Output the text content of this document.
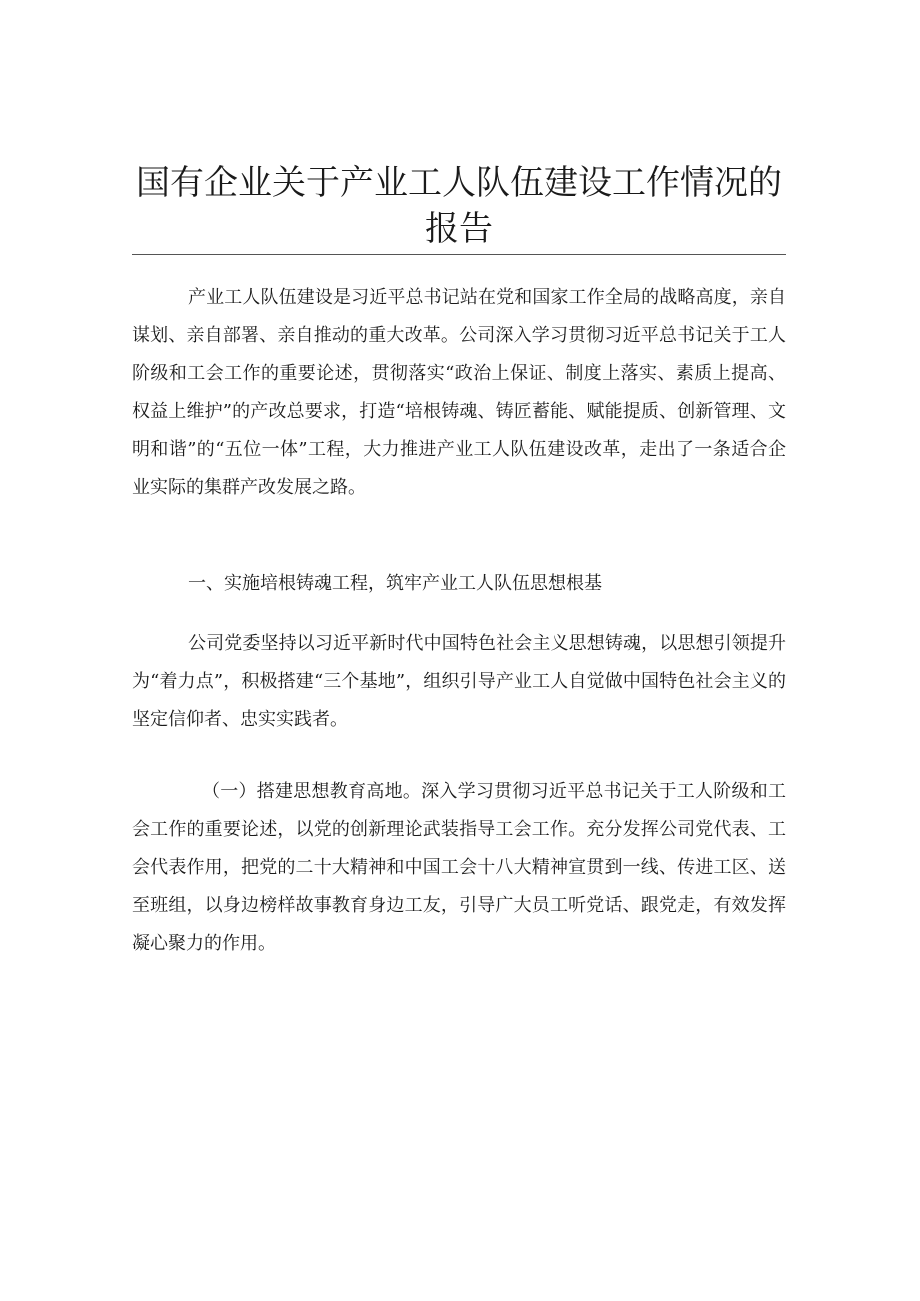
国有企业关于产业工人队伍建设工作情况的报告

产业工人队伍建设是习近平总书记站在党和国家工作全局的战略高度，亲自谋划、亲自部署、亲自推动的重大改革。公司深入学习贯彻习近平总书记关于工人阶级和工会工作的重要论述，贯彻落实“政治上保证、制度上落实、素质上提高、权益上维护”的产改总要求，打造“培根铸魂、铸匠蓄能、赋能提质、创新管理、文明和谐”的“五位一体”工程，大力推进产业工人队伍建设改革，走出了一条适合企业实际的集群产改发展之路。

一、实施培根铸魂工程，筑牢产业工人队伍思想根基

公司党委坚持以习近平新时代中国特色社会主义思想铸魂，以思想引领提升为“着力点”，积极搭建“三个基地”，组织引导产业工人自觉做中国特色社会主义的坚定信仰者、忠实实践者。

（一）搭建思想教育高地。深入学习贯彻习近平总书记关于工人阶级和工会工作的重要论述，以党的创新理论武装指导工会工作。充分发挥公司党代表、工会代表作用，把党的二十大精神和中国工会十八大精神宣贯到一线、传进工区、送至班组，以身边榜样故事教育身边工友，引导广大员工听党话、跟党走，有效发挥凝心聚力的作用。
